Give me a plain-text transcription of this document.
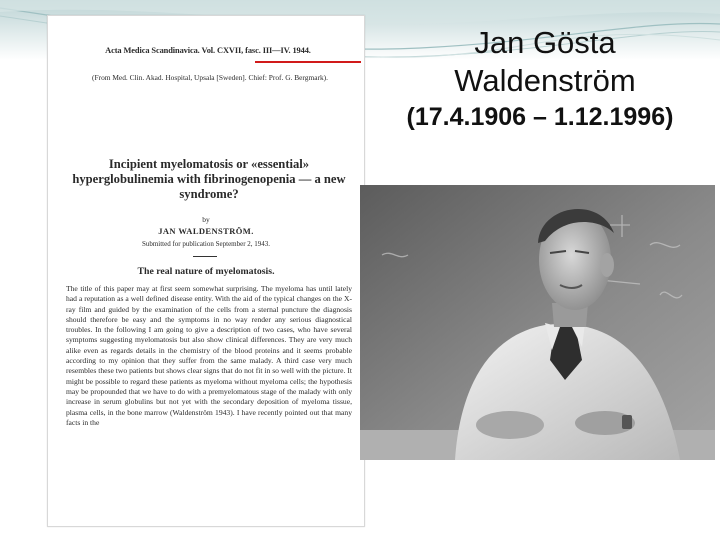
Acta Medica Scandinavica. Vol. CXVII, fasc. III—IV. 1944.
(From Med. Clin. Akad. Hospital, Upsala [Sweden]. Chief: Prof. G. Bergmark).
Incipient myelomatosis or «essential» hyperglobulinemia with fibrinogenopenia — a new syndrome?
by
JAN WALDENSTRÖM.
Submitted for publication September 2, 1943.
The real nature of myelomatosis.
The title of this paper may at first seem somewhat surprising. The myeloma has until lately had a reputation as a well defined disease entity. With the aid of the typical changes on the X-ray film and guided by the examination of the cells from a sternal puncture the diagnosis should therefore be easy and the symptoms in no way render any serious diagnostical troubles. In the following I am going to give a description of two cases, who have several symptoms suggesting myelomatosis but also show clinical differences. They are very much alike even as regards details in the chemistry of the blood proteins and it seems probable according to my opinion that they suffer from the same malady. A third case very much resembles these two patients but shows clear signs that do not fit in so well with the picture. It might be possible to regard these patients as myeloma without myeloma cells; the hypothesis may be propounded that we have to do with a premyelomatous stage of the malady with only increase in serum globulins but not yet with the secondary deposition of myeloma tissue, plasma cells, in the bone marrow (Waldenström 1943). I have recently pointed out that many facts in the
Jan Gösta Waldenström
(17.4.1906 – 1.12.1996)
